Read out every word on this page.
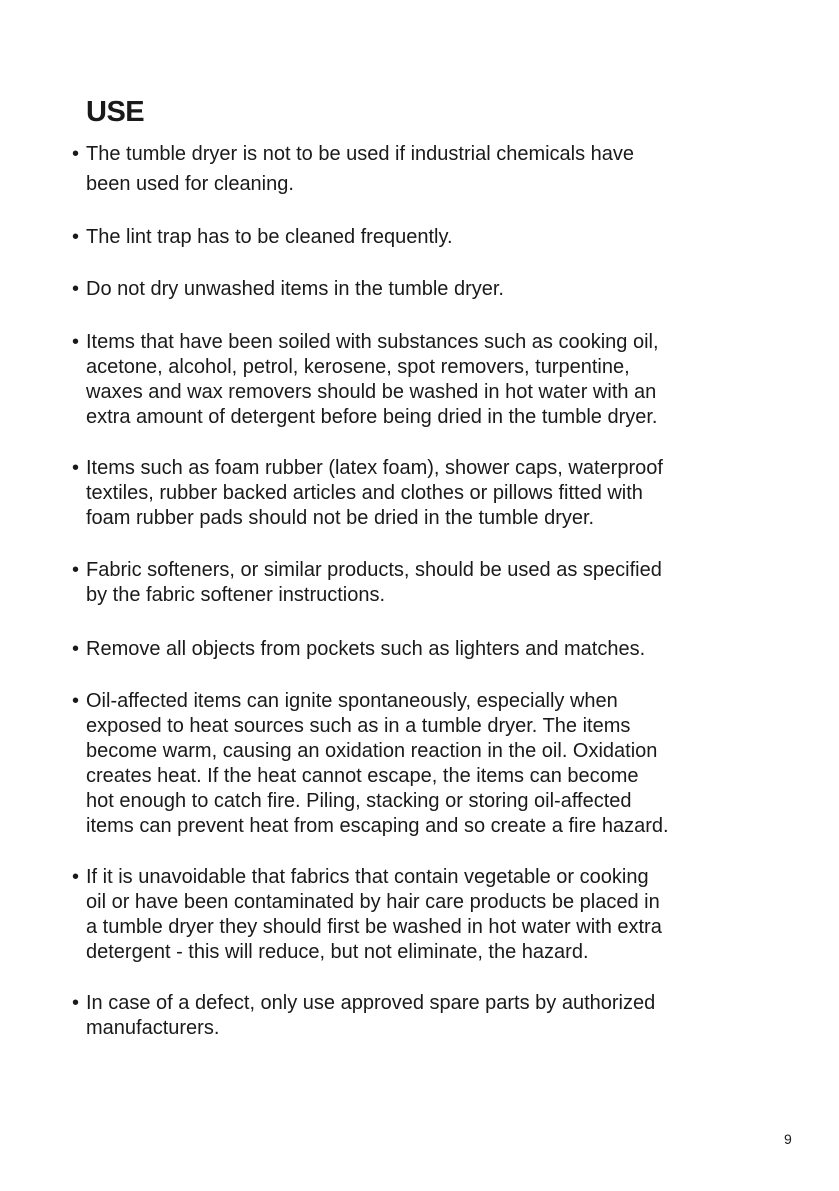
USE
• The tumble dryer is not to be used if industrial chemicals have
been used for cleaning.
• The lint trap has to be cleaned frequently.
• Do not dry unwashed items in the tumble dryer.
• Items that have been soiled with substances such as cooking oil,
acetone, alcohol, petrol, kerosene, spot removers, turpentine,
waxes and wax removers should be washed in hot water with an
extra amount of detergent before being dried in the tumble dryer.
• Items such as foam rubber (latex foam), shower caps, waterproof
textiles, rubber backed articles and clothes or pillows fitted with
foam rubber pads should not be dried in the tumble dryer.
• Fabric softeners, or similar products, should be used as specified
by the fabric softener instructions.
• Remove all objects from pockets such as lighters and matches.
• Oil-affected items can ignite spontaneously, especially when
exposed to heat sources such as in a tumble dryer. The items
become warm, causing an oxidation reaction in the oil. Oxidation
creates heat. If the heat cannot escape, the items can become
hot enough to catch fire. Piling, stacking or storing oil-affected
items can prevent heat from escaping and so create a fire hazard.
• If it is unavoidable that fabrics that contain vegetable or cooking
oil or have been contaminated by hair care products be placed in
a tumble dryer they should first be washed in hot water with extra
detergent - this will reduce, but not eliminate, the hazard.
• In case of a defect, only use approved spare parts by authorized
manufacturers.
9
